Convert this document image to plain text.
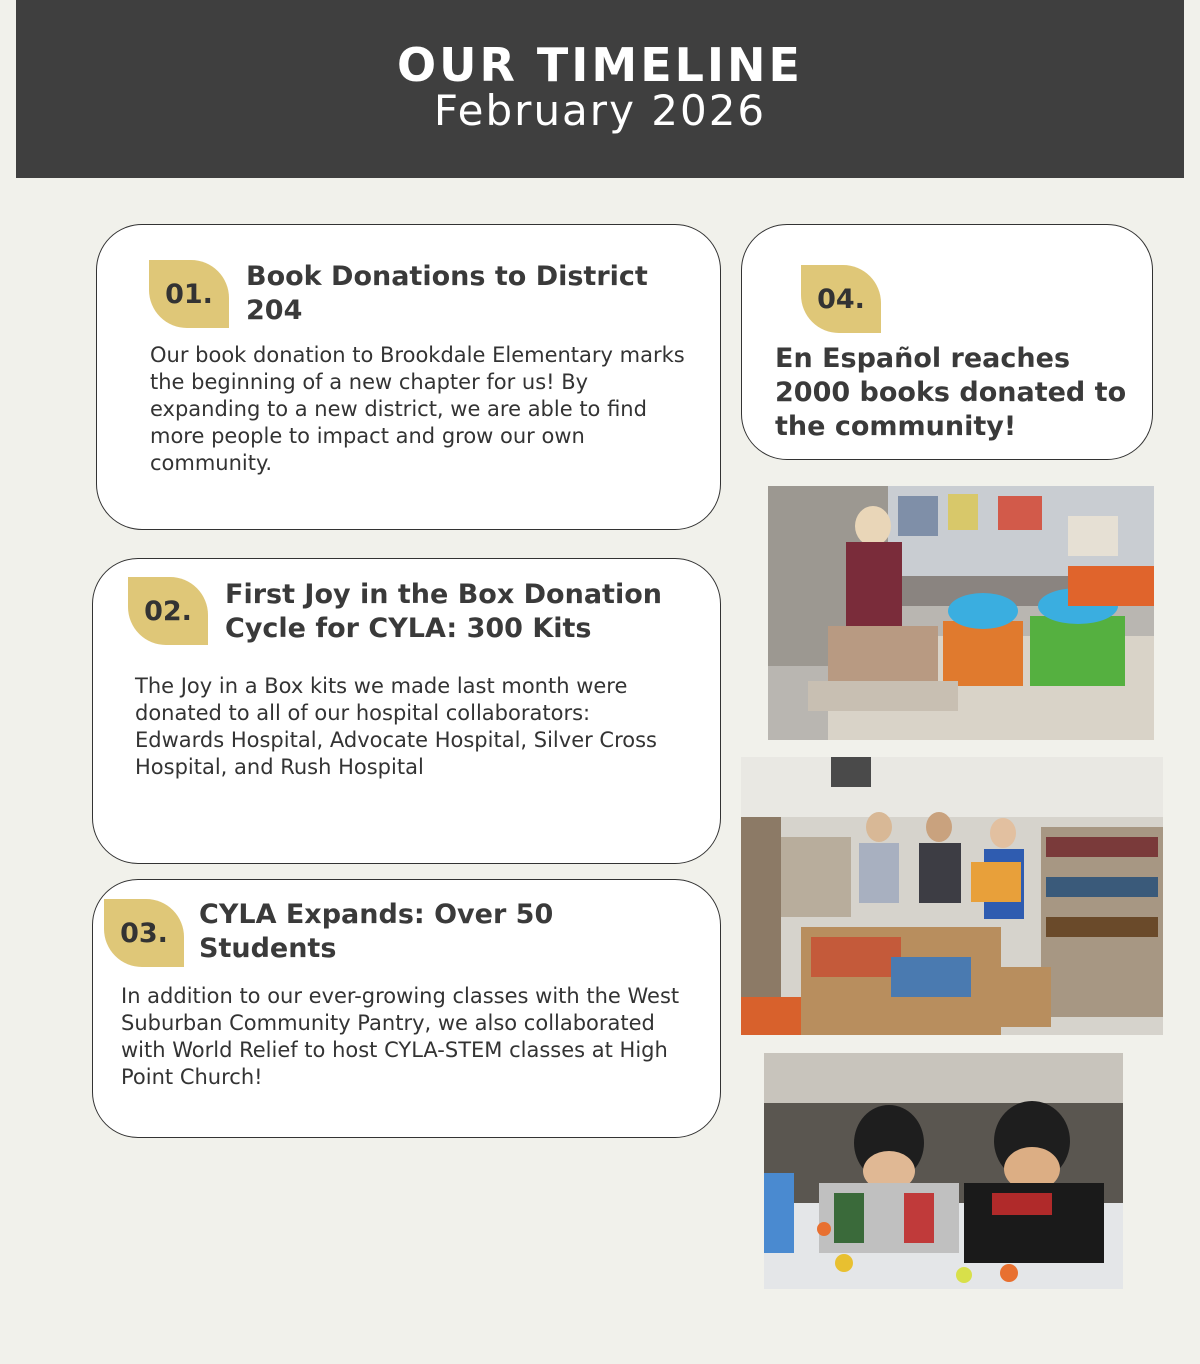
OUR TIMELINE
February 2026
01.
Book Donations to District 204
Our book donation to Brookdale Elementary marks the beginning of a new chapter for us! By expanding to a new district, we are able to find more people to impact and grow our own community.
02.
First Joy in the Box Donation Cycle for CYLA: 300 Kits
The Joy in a Box kits we made last month were donated to all of our hospital collaborators: Edwards Hospital, Advocate Hospital, Silver Cross Hospital, and Rush Hospital
03.
CYLA Expands: Over 50 Students
In addition to our ever-growing classes with the West Suburban Community Pantry, we also collaborated with World Relief to host CYLA-STEM classes at High Point Church!
04.
En Español reaches 2000 books donated to the community!
